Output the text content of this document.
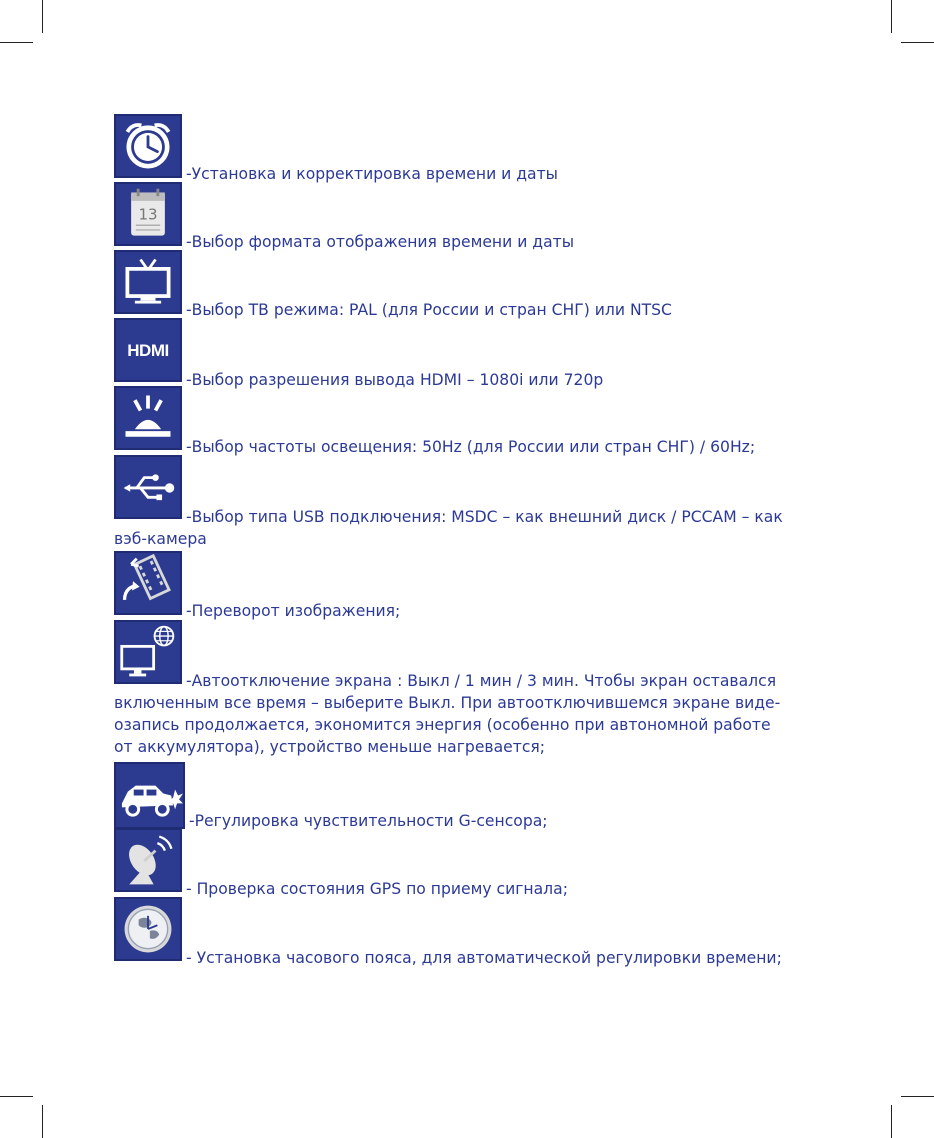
-Установка и корректировка времени и даты
13
-Выбор формата отображения времени и даты
-Выбор ТВ режима: PAL (для России и стран СНГ) или NTSC
HDMI
-Выбор разрешения вывода HDMI – 1080i или 720p
-Выбор частоты освещения: 50Hz (для России или стран СНГ) / 60Hz;
-Выбор типа USB подключения: MSDC – как внешний диск / PCCAM – как
вэб-камера
-Переворот изображения;
-Автоотключение экрана : Выкл / 1 мин / 3 мин. Чтобы экран оставался
включенным все время – выберите Выкл. При автоотключившемся экране виде-
озапись продолжается, экономится энергия (особенно при автономной работе
от аккумулятора), устройство меньше нагревается;
-Регулировка чувствительности G-сенсора;
- Проверка состояния GPS по приему сигнала;
- Установка часового пояса, для автоматической регулировки времени;
